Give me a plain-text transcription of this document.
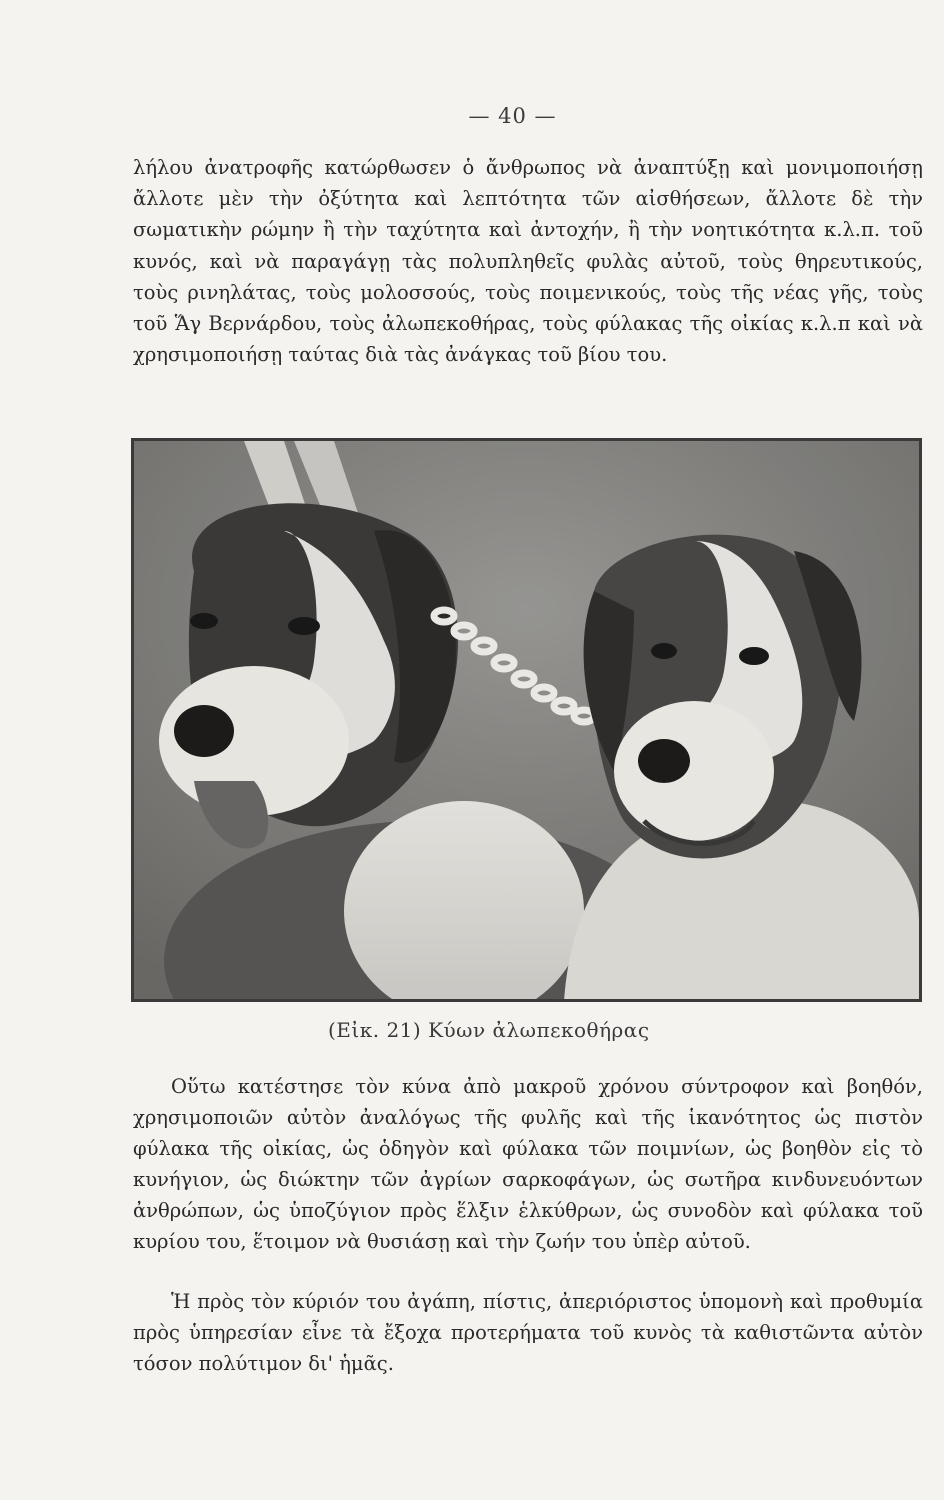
— 40 —

λήλου ἀνατροφῆς κατώρθωσεν ὁ ἄνθρωπος νὰ ἀναπτύξῃ καὶ μονιμοποιήσῃ ἄλλοτε μὲν τὴν ὀξύτητα καὶ λεπτότητα τῶν αἰσθήσεων, ἄλλοτε δὲ τὴν σωματικὴν ρώμην ἢ τὴν ταχύτητα καὶ ἀντοχήν, ἢ τὴν νοητικότητα κ.λ.π. τοῦ κυνός, καὶ νὰ παραγάγῃ τὰς πολυπληθεῖς φυλὰς αὐτοῦ, τοὺς θηρευτικούς, τοὺς ρινηλάτας, τοὺς μολοσσούς, τοὺς ποιμενικούς, τοὺς τῆς νέας γῆς, τοὺς τοῦ Ἅγ Βερνάρδου, τοὺς ἀλωπεκοθήρας, τοὺς φύλακας τῆς οἰκίας κ.λ.π καὶ νὰ χρησιμοποιήσῃ ταύτας διὰ τὰς ἀνάγκας τοῦ βίου του.

(Εἰκ. 21) Κύων ἀλωπεκοθήρας

Οὕτω κατέστησε τὸν κύνα ἀπὸ μακροῦ χρόνου σύντροφον καὶ βοηθόν, χρησιμοποιῶν αὐτὸν ἀναλόγως τῆς φυλῆς καὶ τῆς ἱκανότητος ὡς πιστὸν φύλακα τῆς οἰκίας, ὡς ὁδηγὸν καὶ φύλακα τῶν ποιμνίων, ὡς βοηθὸν εἰς τὸ κυνήγιον, ὡς διώκτην τῶν ἀγρίων σαρκοφάγων, ὡς σωτῆρα κινδυνευόντων ἀνθρώπων, ὡς ὑποζύγιον πρὸς ἕλξιν ἑλκύθρων, ὡς συνοδὸν καὶ φύλακα τοῦ κυρίου του, ἕτοιμον νὰ θυσιάσῃ καὶ τὴν ζωήν του ὑπὲρ αὐτοῦ.

Ἡ πρὸς τὸν κύριόν του ἀγάπη, πίστις, ἀπεριόριστος ὑπομονὴ καὶ προθυμία πρὸς ὑπηρεσίαν εἶνε τὰ ἔξοχα προτερήματα τοῦ κυνὸς τὰ καθιστῶντα αὐτὸν τόσον πολύτιμον δι' ἡμᾶς.
